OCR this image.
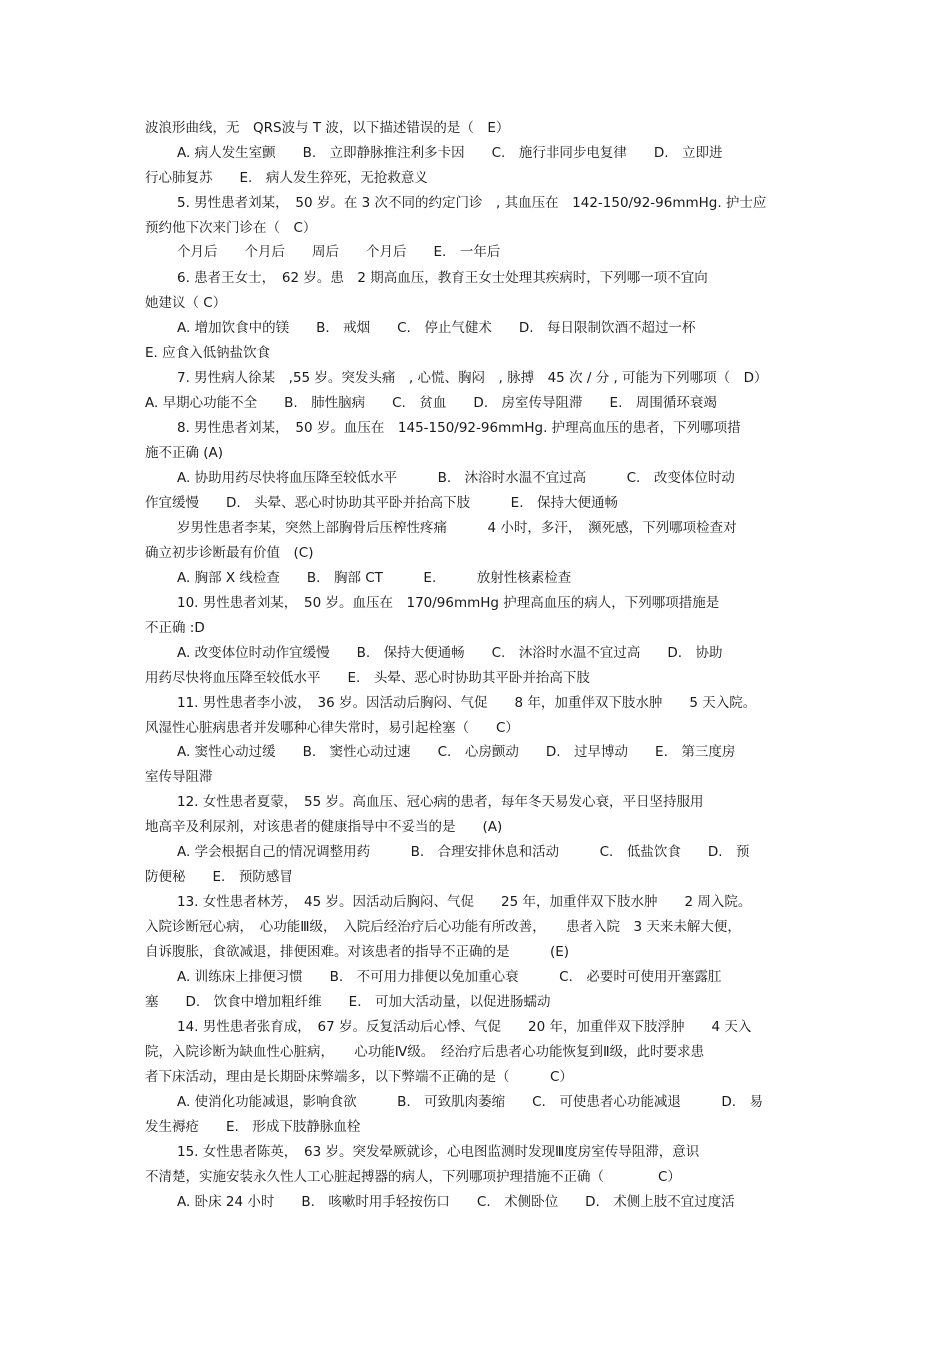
波浪形曲线，无　QRS波与 T 波，以下描述错误的是（　E）
A. 病人发生室颤　　B.　立即静脉推注利多卡因　　C.　施行非同步电复律　　D.　立即进
行心肺复苏　　E.　病人发生猝死，无抢救意义
5. 男性患者刘某，　50 岁。在 3 次不同的约定门诊　, 其血压在　142-150/92-96mmHg. 护士应
预约他下次来门诊在（　C）
个月后　　个月后　　周后　　个月后　　E.　一年后
6. 患者王女士，　62 岁。患　2 期高血压，教育王女士处理其疾病时，下列哪一项不宜向
她建议（ C）
A. 增加饮食中的镁　　B.　戒烟　　C.　停止气健术　　D.　每日限制饮酒不超过一杯
E. 应食入低钠盐饮食
7. 男性病人徐某　,55 岁。突发头痛　, 心慌、胸闷　, 脉搏　45 次 / 分 , 可能为下列哪项（　D）
A. 早期心功能不全　　B.　肺性脑病　　C.　贫血　　D.　房室传导阻滞　　E.　周围循环衰竭
8. 男性患者刘某，　50 岁。血压在　145-150/92-96mmHg. 护理高血压的患者，下列哪项措
施不正确 (A)
A. 协助用药尽快将血压降至较低水平　　　B.　沐浴时水温不宜过高　　　C.　改变体位时动
作宜缓慢　　D.　头晕、恶心时协助其平卧并抬高下肢　　　E.　保持大便通畅
岁男性患者李某，突然上部胸骨后压榨性疼痛　　　4 小时，多汗，　濒死感，下列哪项检查对
确立初步诊断最有价值　(C)
A. 胸部 X 线检查　　B.　胸部 CT　　　E.　　　放射性核素检查
10. 男性患者刘某，　50 岁。血压在　170/96mmHg 护理高血压的病人，下列哪项措施是
不正确 :D
A. 改变体位时动作宜缓慢　　B.　保持大便通畅　　C.　沐浴时水温不宜过高　　D.　协助
用药尽快将血压降至较低水平　　E.　头晕、恶心时协助其平卧并抬高下肢
11. 男性患者李小波，　36 岁。因活动后胸闷、气促　　8 年，加重伴双下肢水肿　　5 天入院。
风湿性心脏病患者并发哪种心律失常时，易引起栓塞（　　C）
A. 窦性心动过缓　　B.　窦性心动过速　　C.　心房颤动　　D.　过早博动　　E.　第三度房
室传导阻滞
12. 女性患者夏蒙，　55 岁。高血压、冠心病的患者，每年冬天易发心衰，平日坚持服用
地高辛及利尿剂，对该患者的健康指导中不妥当的是　　(A)
A. 学会根据自己的情况调整用药　　　B.　合理安排休息和活动　　　C.　低盐饮食　　D.　预
防便秘　　E.　预防感冒
13. 女性患者林芳，　45 岁。因活动后胸闷、气促　　25 年，加重伴双下肢水肿　　2 周入院。
入院诊断冠心病，　心功能Ⅲ级，　入院后经治疗后心功能有所改善，　　患者入院　3 天来未解大便，
自诉腹胀，食欲减退，排便困难。对该患者的指导不正确的是　　　(E)
A. 训练床上排便习惯　　B.　不可用力排便以免加重心衰　　　C.　必要时可使用开塞露肛
塞　　D.　饮食中增加粗纤维　　E.　可加大活动量，以促进肠蠕动
14. 男性患者张育成，　67 岁。反复活动后心悸、气促　　20 年，加重伴双下肢浮肿　　4 天入
院，入院诊断为缺血性心脏病，　　心功能Ⅳ级。　经治疗后患者心功能恢复到Ⅱ级，此时要求患
者下床活动，理由是长期卧床弊端多，以下弊端不正确的是（　　　C）
A. 使消化功能减退，影响食欲　　　B.　可致肌肉萎缩　　C.　可使患者心功能减退　　　D.　易
发生褥疮　　E.　形成下肢静脉血栓
15. 女性患者陈英，　63 岁。突发晕厥就诊，心电图监测时发现Ⅲ度房室传导阻滞，意识
不清楚，实施安装永久性人工心脏起搏器的病人，下列哪项护理措施不正确（　　　　C）
A. 卧床 24 小时　　B.　咳嗽时用手轻按伤口　　C.　术侧卧位　　D.　术侧上肢不宜过度活
